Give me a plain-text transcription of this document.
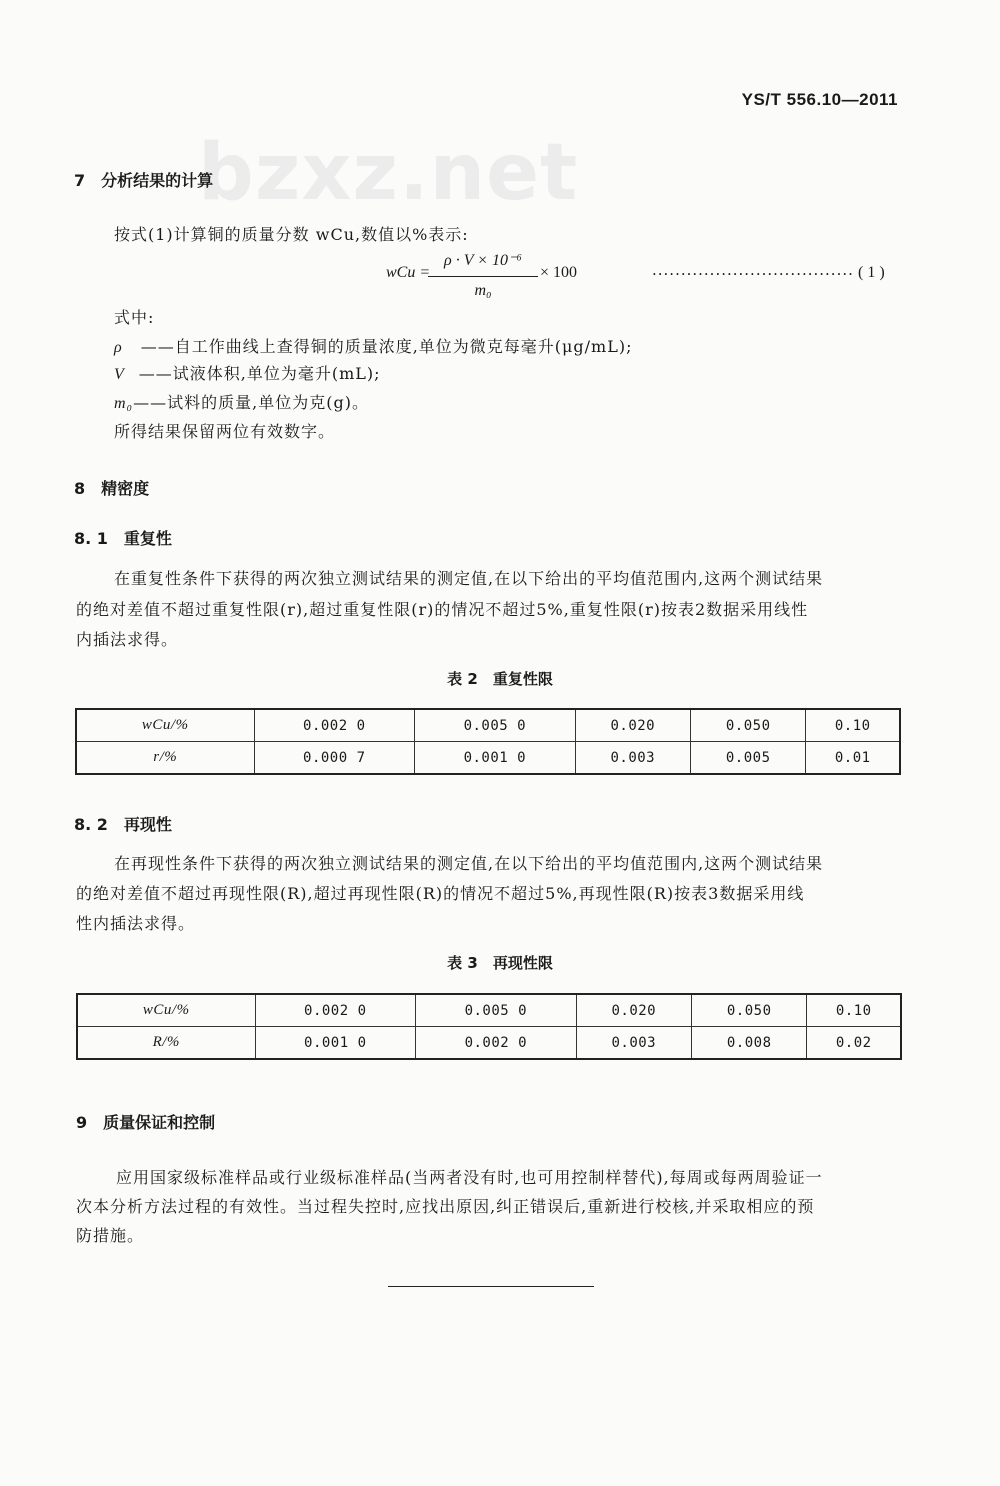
bzxz.net
YS/T 556.10—2011
7 分析结果的计算
按式(1)计算铜的质量分数 wCu,数值以%表示:
wCu =
ρ · V × 10⁻⁶
m₀
× 100	··································· ( 1 )
式中:
ρ ——自工作曲线上查得铜的质量浓度,单位为微克每毫升(μg/mL);
V ——试液体积,单位为毫升(mL);
m₀——试料的质量,单位为克(g)。
所得结果保留两位有效数字。
8 精密度
8. 1 重复性
在重复性条件下获得的两次独立测试结果的测定值,在以下给出的平均值范围内,这两个测试结果
的绝对差值不超过重复性限(r),超过重复性限(r)的情况不超过5%,重复性限(r)按表2数据采用线性
内插法求得。
表 2　重复性限
wCu/%	0.002 0	0.005 0	0.020	0.050	0.10
r/%	0.000 7	0.001 0	0.003	0.005	0.01
8. 2 再现性
在再现性条件下获得的两次独立测试结果的测定值,在以下给出的平均值范围内,这两个测试结果
的绝对差值不超过再现性限(R),超过再现性限(R)的情况不超过5%,再现性限(R)按表3数据采用线
性内插法求得。
表 3　再现性限
wCu/%	0.002 0	0.005 0	0.020	0.050	0.10
R/%	0.001 0	0.002 0	0.003	0.008	0.02
9 质量保证和控制
应用国家级标准样品或行业级标准样品(当两者没有时,也可用控制样替代),每周或每两周验证一
次本分析方法过程的有效性。当过程失控时,应找出原因,纠正错误后,重新进行校核,并采取相应的预
防措施。
